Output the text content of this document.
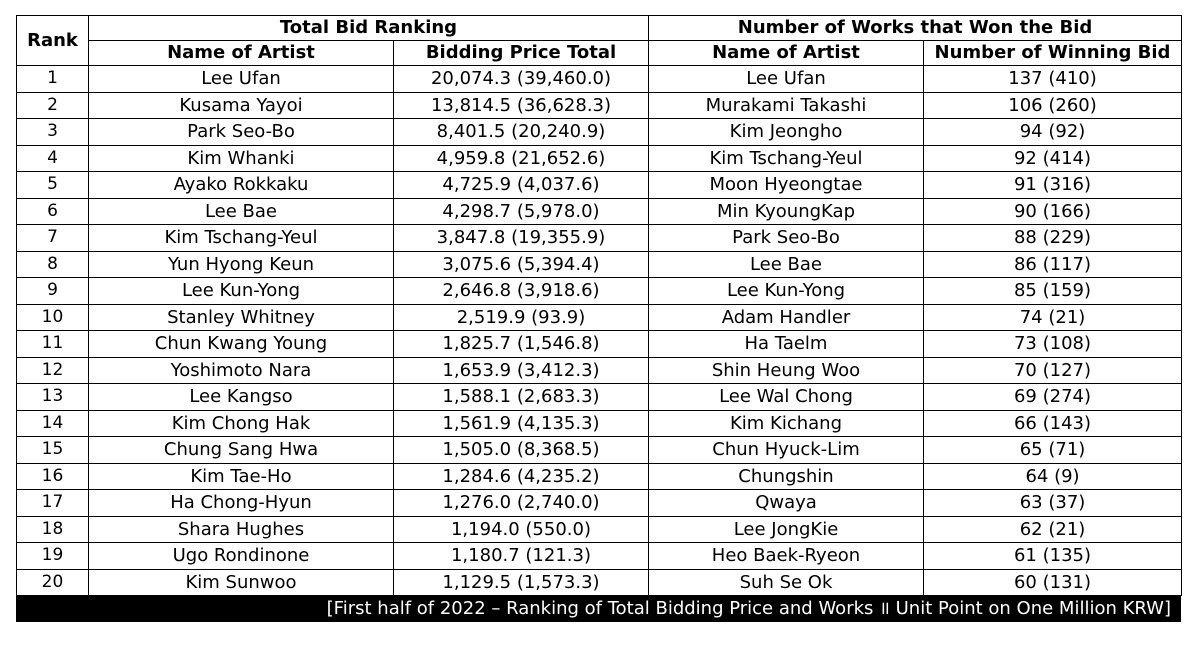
Rank	Total Bid Ranking		Number of Works that Won the Bid	
	Name of Artist	Bidding Price Total	Name of Artist	Number of Winning Bid
1	Lee Ufan	20,074.3 (39,460.0)	Lee Ufan	137 (410)
2	Kusama Yayoi	13,814.5 (36,628.3)	Murakami Takashi	106 (260)
3	Park Seo-Bo	8,401.5 (20,240.9)	Kim Jeongho	94 (92)
4	Kim Whanki	4,959.8 (21,652.6)	Kim Tschang-Yeul	92 (414)
5	Ayako Rokkaku	4,725.9 (4,037.6)	Moon Hyeongtae	91 (316)
6	Lee Bae	4,298.7 (5,978.0)	Min KyoungKap	90 (166)
7	Kim Tschang-Yeul	3,847.8 (19,355.9)	Park Seo-Bo	88 (229)
8	Yun Hyong Keun	3,075.6 (5,394.4)	Lee Bae	86 (117)
9	Lee Kun-Yong	2,646.8 (3,918.6)	Lee Kun-Yong	85 (159)
10	Stanley Whitney	2,519.9 (93.9)	Adam Handler	74 (21)
11	Chun Kwang Young	1,825.7 (1,546.8)	Ha Taelm	73 (108)
12	Yoshimoto Nara	1,653.9 (3,412.3)	Shin Heung Woo	70 (127)
13	Lee Kangso	1,588.1 (2,683.3)	Lee Wal Chong	69 (274)
14	Kim Chong Hak	1,561.9 (4,135.3)	Kim Kichang	66 (143)
15	Chung Sang Hwa	1,505.0 (8,368.5)	Chun Hyuck-Lim	65 (71)
16	Kim Tae-Ho	1,284.6 (4,235.2)	Chungshin	64 (9)
17	Ha Chong-Hyun	1,276.0 (2,740.0)	Qwaya	63 (37)
18	Shara Hughes	1,194.0 (550.0)	Lee JongKie	62 (21)
19	Ugo Rondinone	1,180.7 (121.3)	Heo Baek-Ryeon	61 (135)
20	Kim Sunwoo	1,129.5 (1,573.3)	Suh Se Ok	60 (131)
[First half of 2022 – Ranking of Total Bidding Price and Works ॥ Unit Point on One Million KRW]
